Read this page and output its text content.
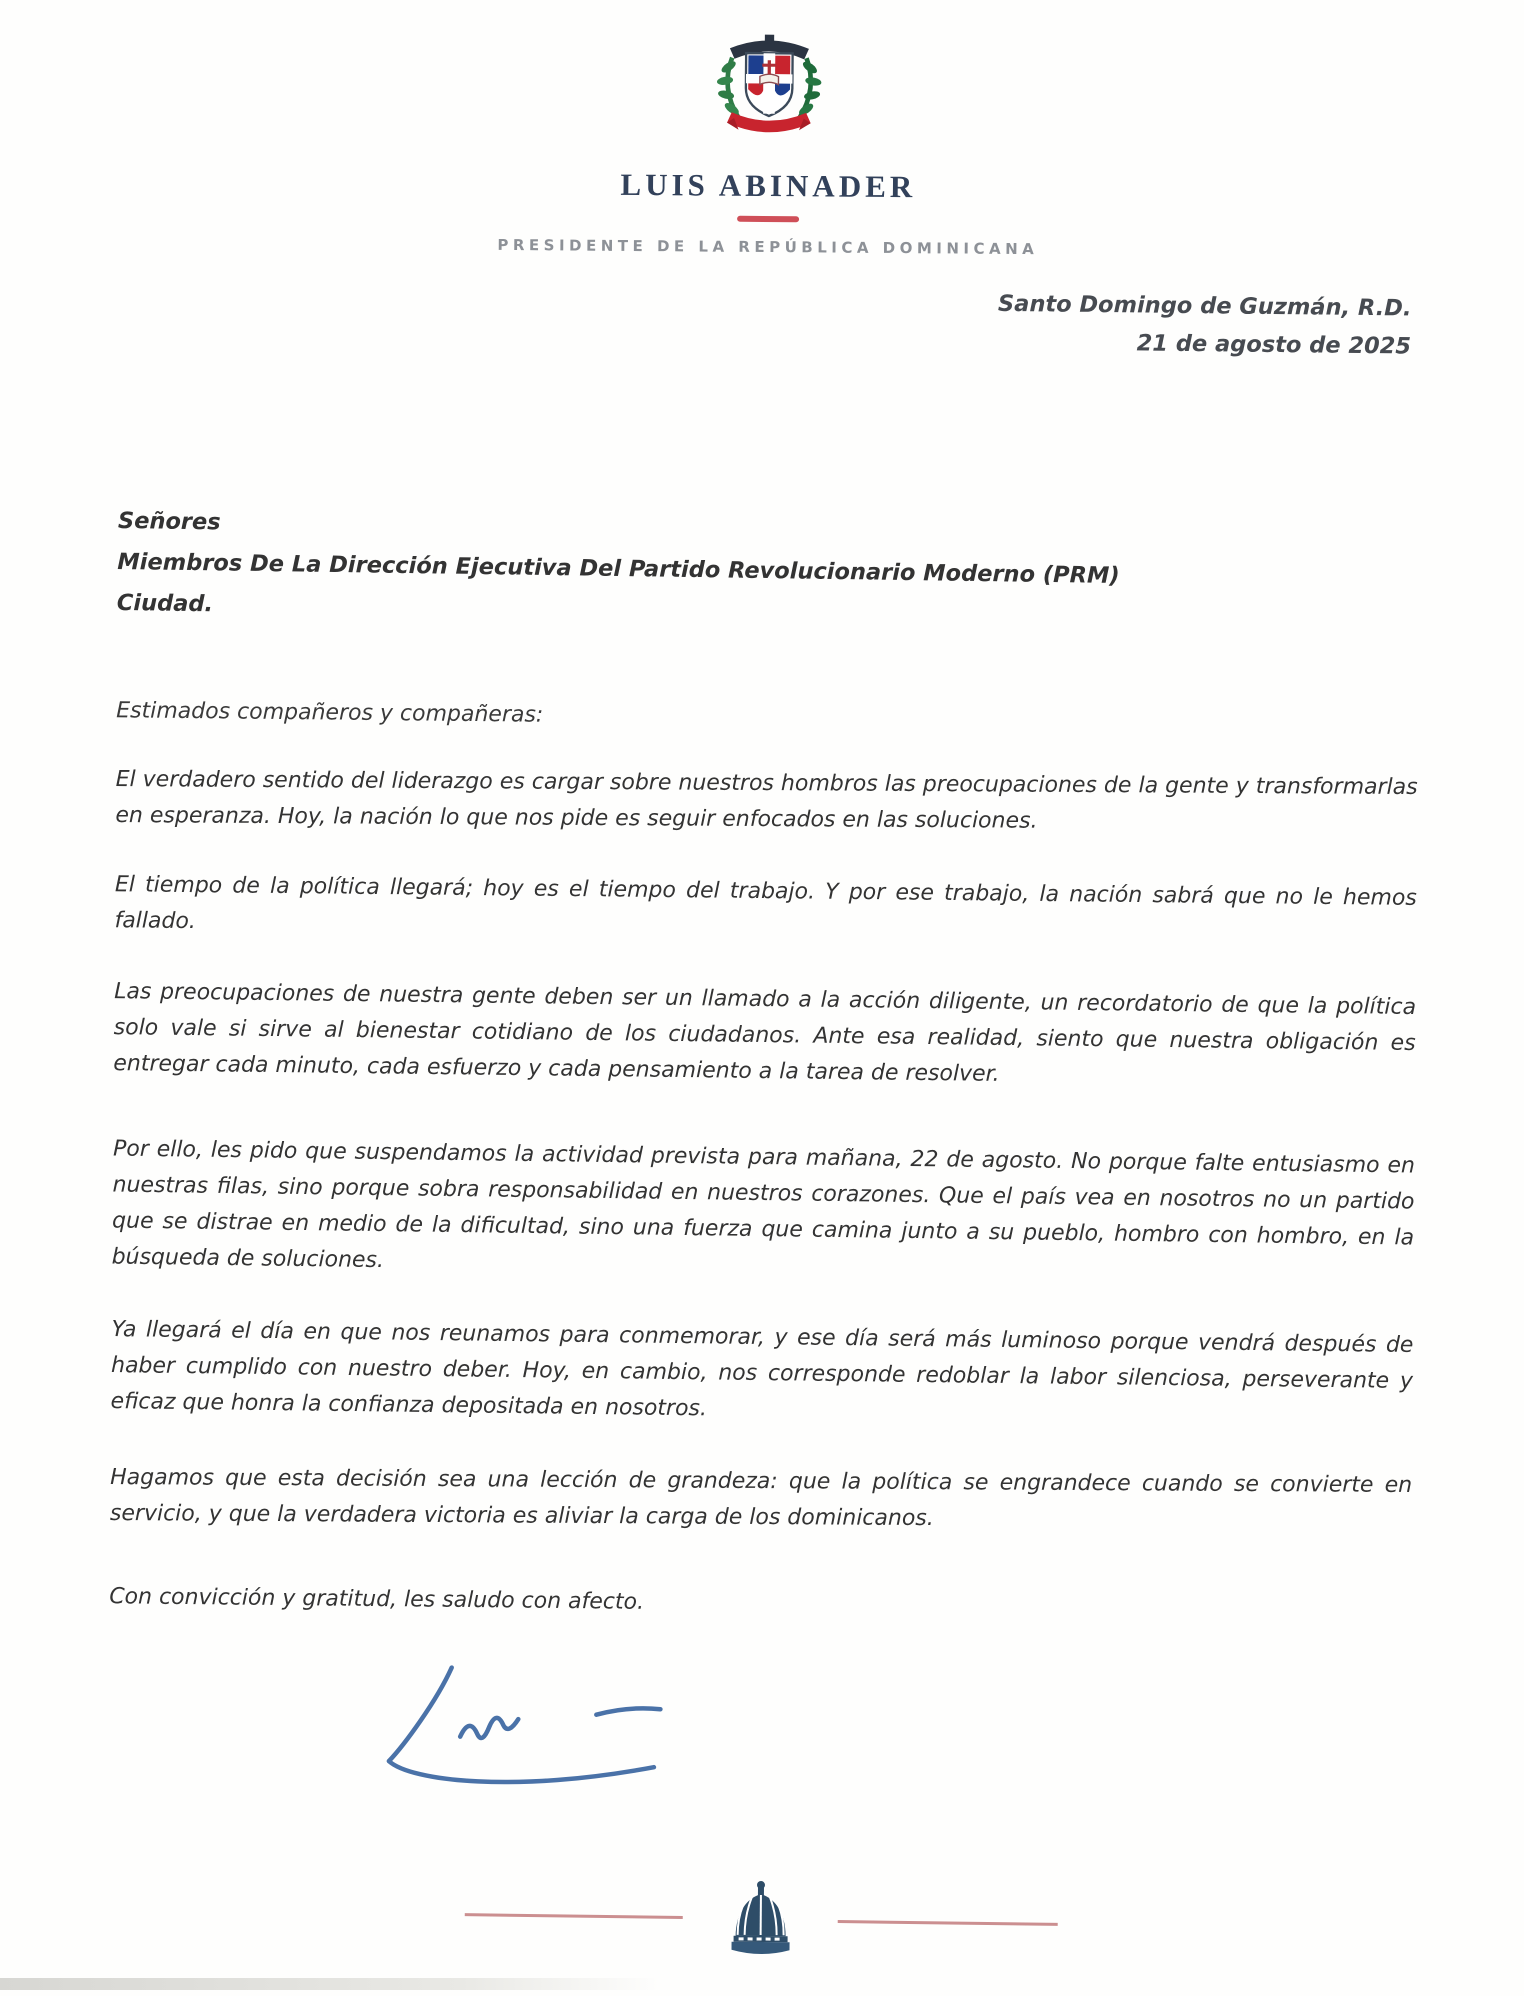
LUIS ABINADER
PRESIDENTE DE LA REPÚBLICA DOMINICANA
Santo Domingo de Guzmán, R.D.
21 de agosto de 2025
Señores
Miembros De La Dirección Ejecutiva Del Partido Revolucionario Moderno (PRM)
Ciudad.
Estimados compañeros y compañeras:

El verdadero sentido del liderazgo es cargar sobre nuestros hombros las preocupaciones de la gente y transformarlas en esperanza. Hoy, la nación lo que nos pide es seguir enfocados en las soluciones.

El tiempo de la política llegará; hoy es el tiempo del trabajo. Y por ese trabajo, la nación sabrá que no le hemos fallado.

Las preocupaciones de nuestra gente deben ser un llamado a la acción diligente, un recordatorio de que la política solo vale si sirve al bienestar cotidiano de los ciudadanos. Ante esa realidad, siento que nuestra obligación es entregar cada minuto, cada esfuerzo y cada pensamiento a la tarea de resolver.

Por ello, les pido que suspendamos la actividad prevista para mañana, 22 de agosto. No porque falte entusiasmo en nuestras filas, sino porque sobra responsabilidad en nuestros corazones. Que el país vea en nosotros no un partido que se distrae en medio de la dificultad, sino una fuerza que camina junto a su pueblo, hombro con hombro, en la búsqueda de soluciones.

Ya llegará el día en que nos reunamos para conmemorar, y ese día será más luminoso porque vendrá después de haber cumplido con nuestro deber. Hoy, en cambio, nos corresponde redoblar la labor silenciosa, perseverante y eficaz que honra la confianza depositada en nosotros.

Hagamos que esta decisión sea una lección de grandeza: que la política se engrandece cuando se convierte en servicio, y que la verdadera victoria es aliviar la carga de los dominicanos.

Con convicción y gratitud, les saludo con afecto.
